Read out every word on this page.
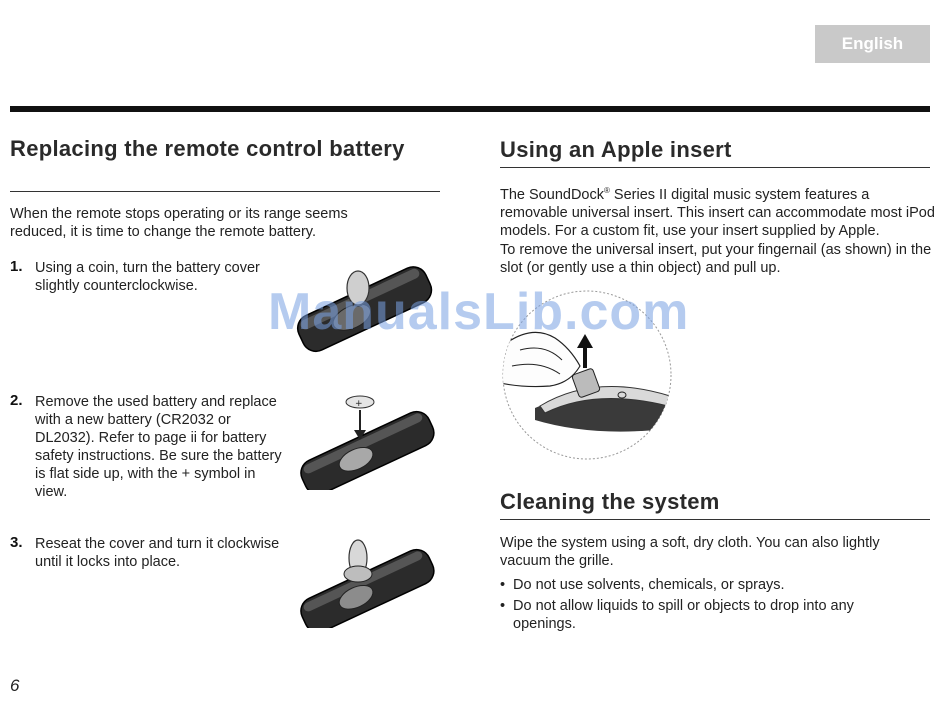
English
Replacing the remote control battery
When the remote stops operating or its range seems reduced, it is time to change the remote battery.
1. Using a coin, turn the battery cover slightly counterclockwise.
2. Remove the used battery and replace with a new battery (CR2032 or DL2032). Refer to page ii for battery safety instructions. Be sure the battery is flat side up, with the + symbol in view.
3. Reseat the cover and turn it clockwise until it locks into place.
+
Using an Apple insert
The SoundDock® Series II digital music system features a removable universal insert. This insert can accommodate most iPod models. For a custom fit, use your insert supplied by Apple.
To remove the universal insert, put your fingernail (as shown) in the slot (or gently use a thin object) and pull up.
Cleaning the system
Wipe the system using a soft, dry cloth. You can also lightly vacuum the grille.
• Do not use solvents, chemicals, or sprays.
• Do not allow liquids to spill or objects to drop into any openings.
ManualsLib.com
6
